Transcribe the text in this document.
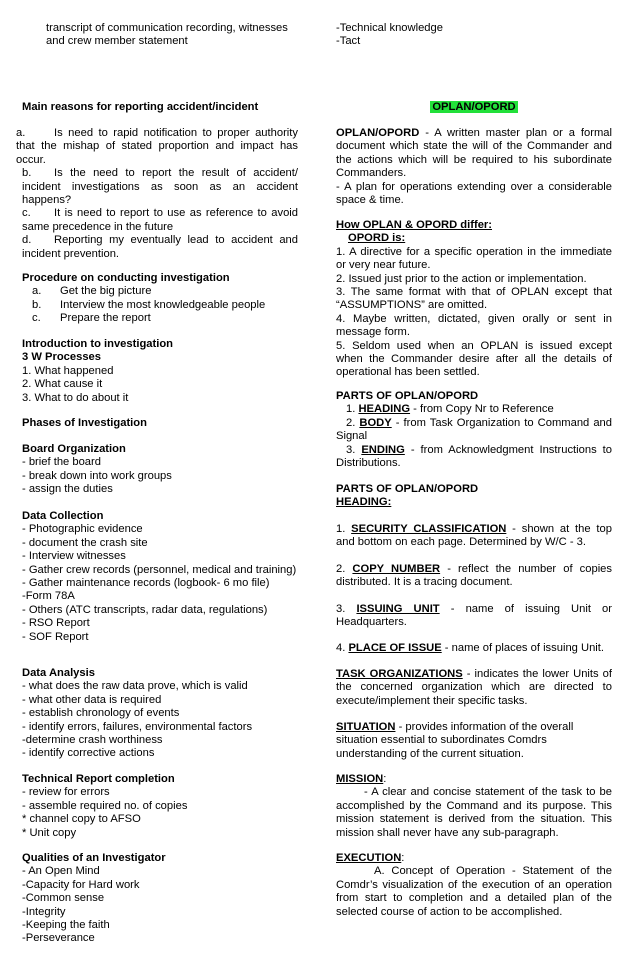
transcript of communication recording, witnesses

and crew member statement

Main reasons for reporting accident/incident

a.	Is need to rapid notification to proper authority that the mishap of stated proportion and impact has occur.

b. Is the need to report the result of accident/ incident investigations as soon as an accident happens?

c. It is need to report to use as reference to avoid same precedence in the future

d. Reporting my eventually lead to accident and incident prevention.

Procedure on conducting investigation

a.	Get the big picture
b.	Interview the most knowledgeable people
c.	Prepare the report

Introduction to investigation

3 W Processes

1. What happened

2. What cause it

3. What to do about it

Phases of Investigation

Board Organization

- brief the board

- break down into work groups

- assign the duties

Data Collection

- Photographic evidence

- document the crash site

- Interview witnesses

- Gather crew records (personnel, medical and training)

- Gather maintenance records (logbook- 6 mo file)

-Form 78A

- Others (ATC transcripts, radar data, regulations)

- RSO Report

- SOF Report

Data Analysis

- what does the raw data prove, which is valid

- what other data is required

- establish chronology of events

- identify errors, failures, environmental factors

-determine crash worthiness

- identify corrective actions

Technical Report completion

- review for errors

- assemble required no. of copies

* channel copy to AFSO

* Unit copy

Qualities of an Investigator

- An Open Mind

-Capacity for Hard work

-Common sense

-Integrity

-Keeping the faith

-Perseverance

-Technical knowledge

-Tact

OPLAN/OPORD

OPLAN/OPORD - A written master plan or a formal document which state the will of the Commander and the actions which will be required to his subordinate Commanders.

- A plan for operations extending over a considerable space & time.

How OPLAN & OPORD differ:

OPORD is:

1. A directive for a specific operation in the immediate or very near future.

2. Issued just prior to the action or implementation.

3. The same format with that of OPLAN except that “ASSUMPTIONS” are omitted.

4. Maybe written, dictated, given orally or sent in message form.

5. Seldom used when an OPLAN is issued except when the Commander desire after all the details of operational has been settled.

PARTS OF OPLAN/OPORD

1. HEADING - from Copy Nr to Reference

2. BODY - from Task Organization to Command and Signal

3. ENDING - from Acknowledgment Instructions to Distributions.

PARTS OF OPLAN/OPORD

HEADING:

1. SECURITY CLASSIFICATION - shown at the top and bottom on each page. Determined by W/C - 3.

2. COPY NUMBER - reflect the number of copies distributed. It is a tracing document.

3. ISSUING UNIT - name of issuing Unit or Headquarters.

4. PLACE OF ISSUE - name of places of issuing Unit.

TASK ORGANIZATIONS - indicates the lower Units of the concerned organization which are directed to execute/implement their specific tasks.

SITUATION - provides information of the overall

situation essential to subordinates Comdrs

understanding of the current situation.

MISSION:

- A clear and concise statement of the task to be accomplished by the Command and its purpose. This mission statement is derived from the situation. This mission shall never have any sub-paragraph.

EXECUTION:

A. Concept of Operation - Statement of the Comdr’s visualization of the execution of an operation from start to completion and a detailed plan of the selected course of action to be accomplished.
